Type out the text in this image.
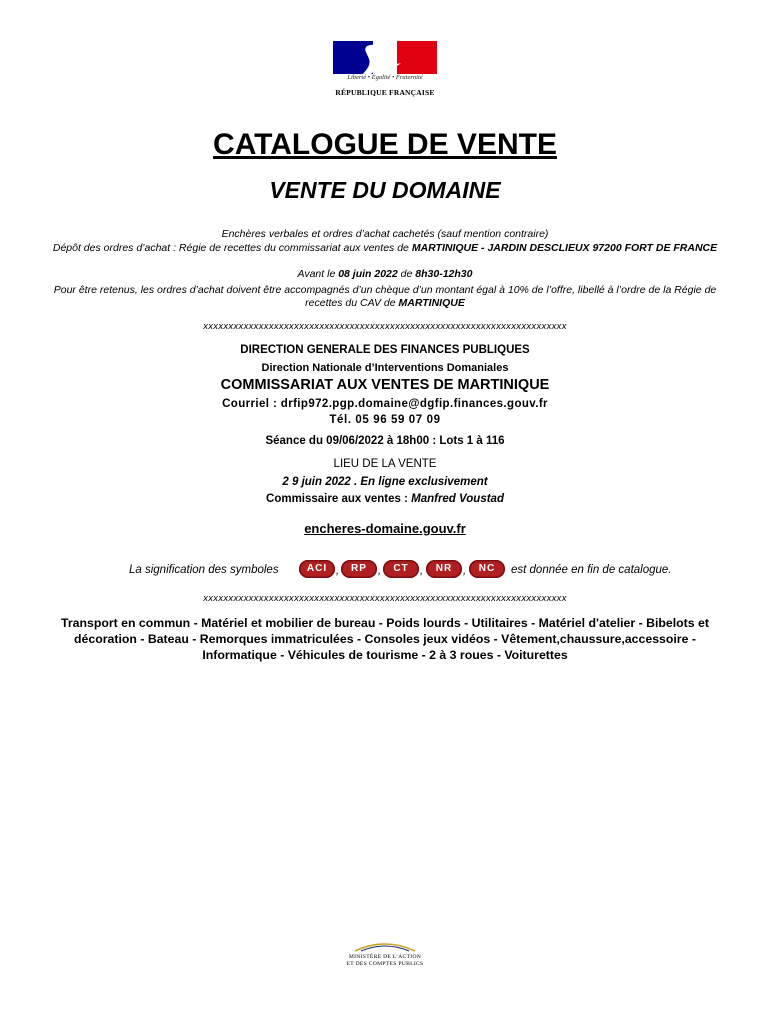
Liberté • Égalité • Fraternité
RÉPUBLIQUE FRANÇAISE
CATALOGUE DE VENTE
VENTE DU DOMAINE
Enchères verbales et ordres d’achat cachetés (sauf mention contraire)
Dépôt des ordres d’achat : Régie de recettes du commissariat aux ventes de MARTINIQUE - JARDIN DESCLIEUX 97200 FORT DE FRANCE
Avant le 08 juin 2022 de 8h30-12h30
Pour être retenus, les ordres d’achat doivent être accompagnés d’un chèque d’un montant égal à 10% de l’offre, libellé à l’ordre de la Régie de recettes du CAV de MARTINIQUE
xxxxxxxxxxxxxxxxxxxxxxxxxxxxxxxxxxxxxxxxxxxxxxxxxxxxxxxxxxxxxxxxxxxxxxxx
DIRECTION GENERALE DES FINANCES PUBLIQUES
Direction Nationale d’Interventions Domaniales
COMMISSARIAT AUX VENTES DE MARTINIQUE
Courriel : drfip972.pgp.domaine@dgfip.finances.gouv.fr
Tél. 05 96 59 07 09
Séance du 09/06/2022 à 18h00 : Lots 1 à 116
LIEU DE LA VENTE
2 9 juin 2022 . En ligne exclusivement
Commissaire aux ventes : Manfred Voustad
encheres-domaine.gouv.fr
La signification des symboles	ACI ,	RP	,	CT	,	NR ,	NC	est donnée en fin de catalogue.
xxxxxxxxxxxxxxxxxxxxxxxxxxxxxxxxxxxxxxxxxxxxxxxxxxxxxxxxxxxxxxxxxxxxxxxx
Transport en commun - Matériel et mobilier de bureau - Poids lourds - Utilitaires - Matériel d'atelier - Bibelots et décoration - Bateau - Remorques immatriculées - Consoles jeux vidéos - Vêtement,chaussure,accessoire - Informatique - Véhicules de tourisme - 2 à 3 roues - Voiturettes
MINISTÈRE DE L’ACTION
ET DES COMPTES PUBLICS
